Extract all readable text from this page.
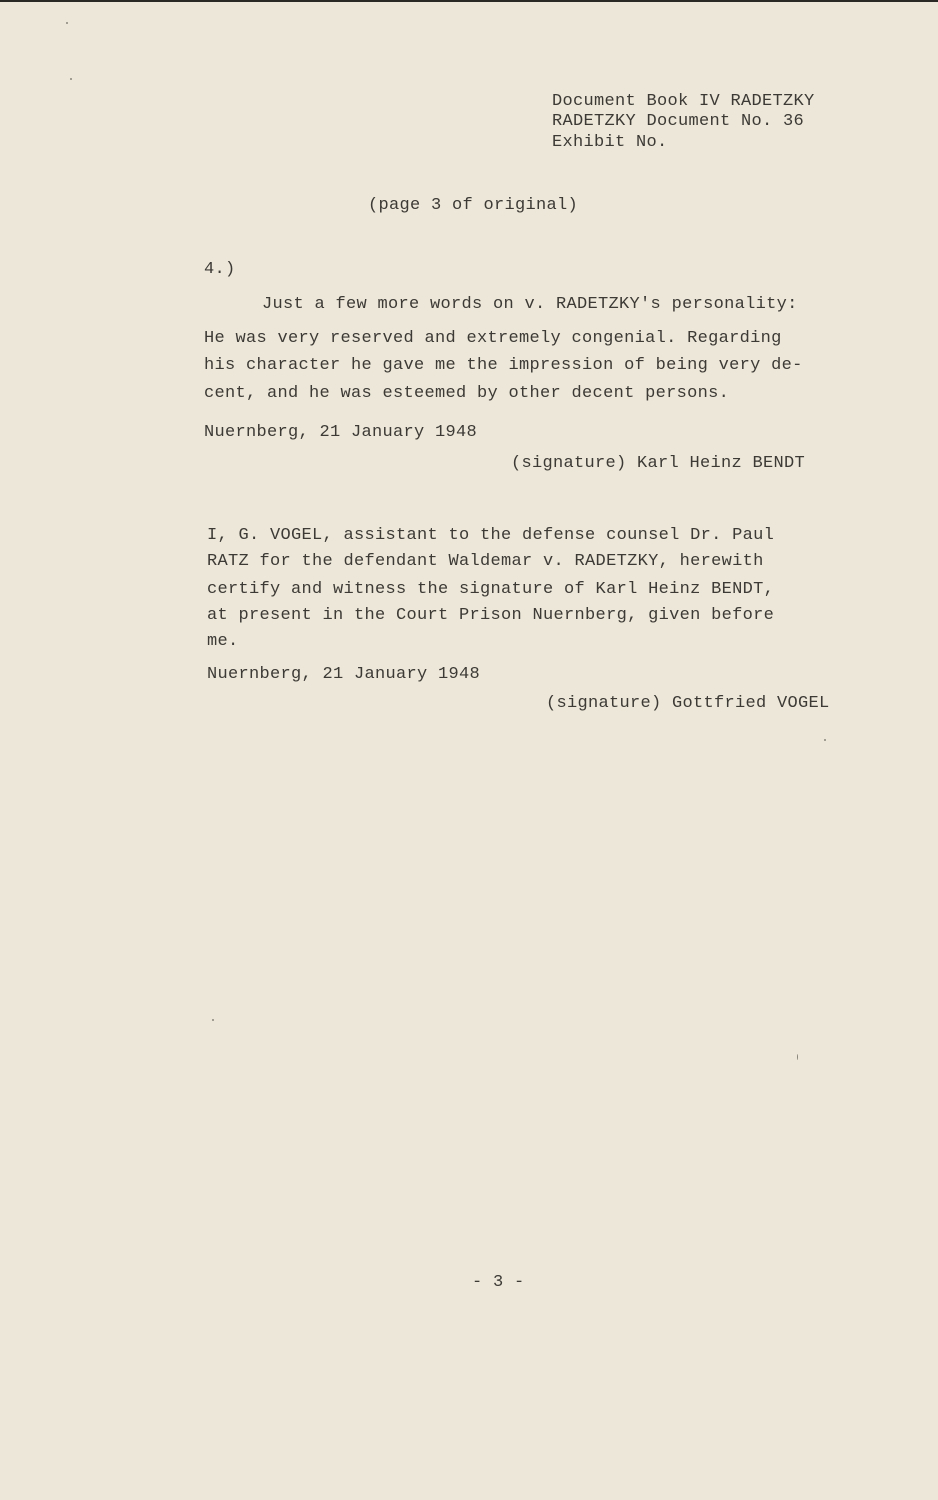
Document Book IV RADETZKY
RADETZKY Document No. 36
Exhibit No.
(page 3 of original)
4.)
Just a few more words on v. RADETZKY's personality:
He was very reserved and extremely congenial. Regarding
his character he gave me the impression of being very de-
cent, and he was esteemed by other decent persons.
Nuernberg, 21 January 1948
(signature) Karl Heinz BENDT
I, G. VOGEL, assistant to the defense counsel Dr. Paul
RATZ for the defendant Waldemar v. RADETZKY, herewith
certify and witness the signature of Karl Heinz BENDT,
at present in the Court Prison Nuernberg, given before
me.
Nuernberg, 21 January 1948
(signature) Gottfried VOGEL
- 3 -
